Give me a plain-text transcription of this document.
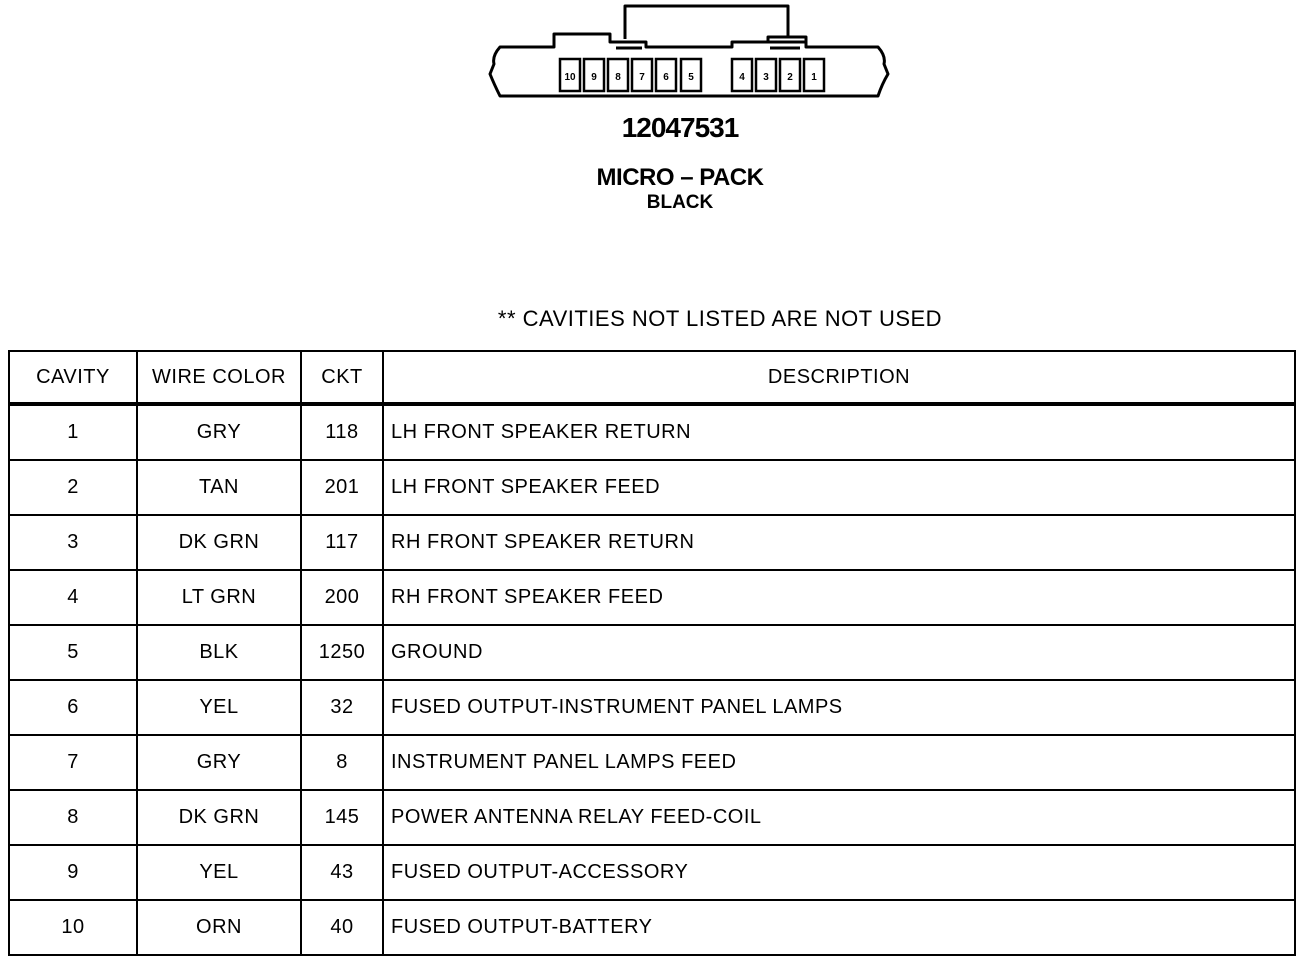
10 9 8 7 6 5	4 3 2 1
12047531
MICRO – PACK
BLACK
** CAVITIES NOT LISTED ARE NOT USED
CAVITY	WIRE COLOR	CKT	DESCRIPTION
1	GRY	118	LH FRONT SPEAKER RETURN
2	TAN	201	LH FRONT SPEAKER FEED
3	DK GRN	117	RH FRONT SPEAKER RETURN
4	LT GRN	200	RH FRONT SPEAKER FEED
5	BLK	1250	GROUND
6	YEL	32	FUSED OUTPUT-INSTRUMENT PANEL LAMPS
7	GRY	8	INSTRUMENT PANEL LAMPS FEED
8	DK GRN	145	POWER ANTENNA RELAY FEED-COIL
9	YEL	43	FUSED OUTPUT-ACCESSORY
10	ORN	40	FUSED OUTPUT-BATTERY
